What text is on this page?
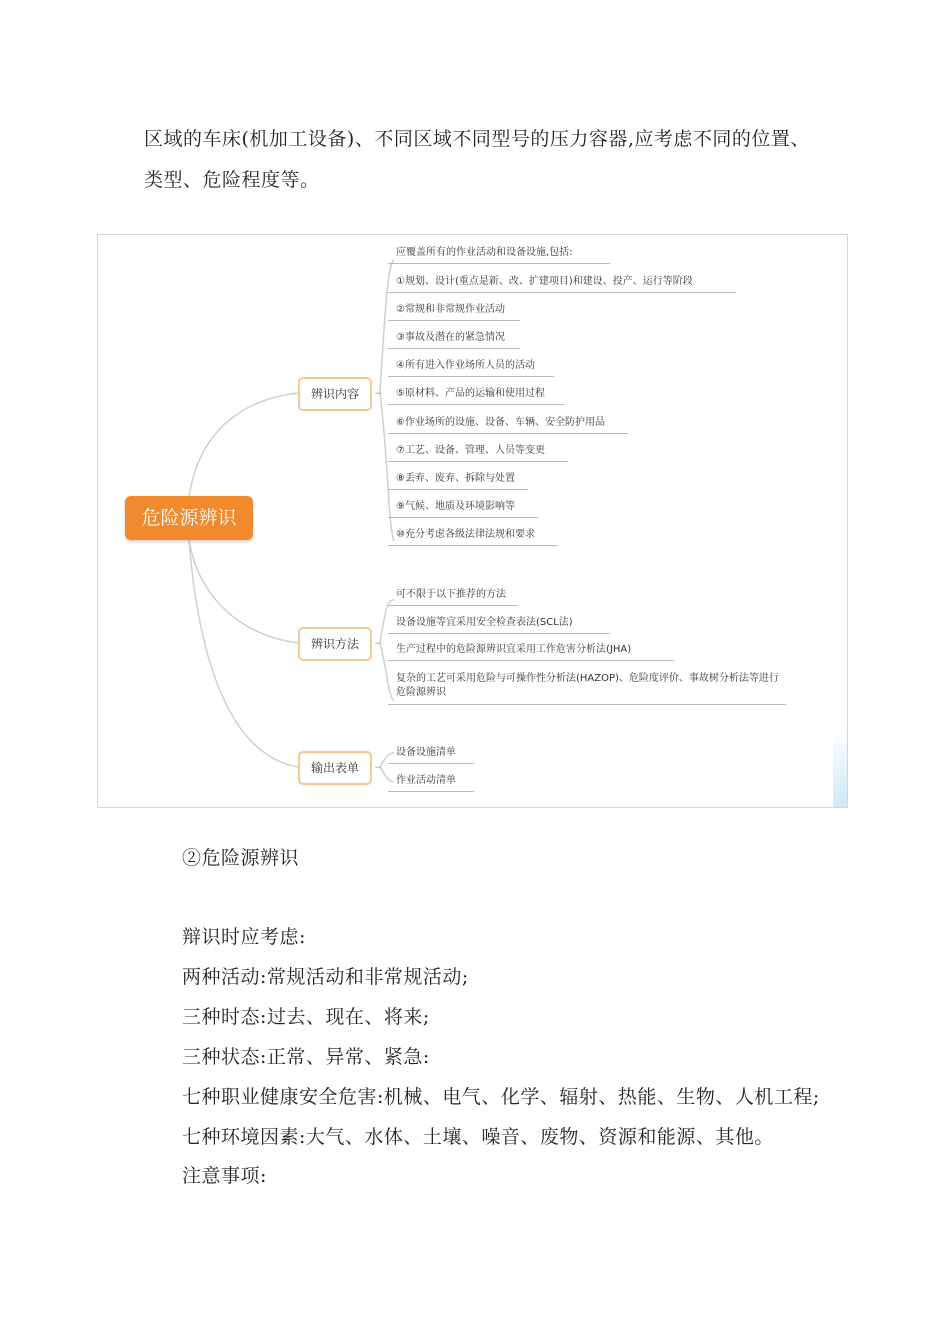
区域的车床(机加工设备)、不同区域不同型号的压力容器,应考虑不同的位置、
类型、危险程度等。
危险源辨识
辨识内容	−
辨识方法	−
输出表单	−
应覆盖所有的作业活动和设备设施,包括:
①规划、设计(重点是新、改、扩建项目)和建设、投产、运行等阶段
②常规和非常规作业活动
③事故及潜在的紧急情况
④所有进入作业场所人员的活动
⑤原材料、产品的运输和使用过程
⑥作业场所的设施、设备、车辆、安全防护用品
⑦工艺、设备、管理、人员等变更
⑧丢弃、废弃、拆除与处置
⑨气候、地质及环境影响等
⑩充分考虑各级法律法规和要求
可不限于以下推荐的方法
设备设施等宜采用安全检查表法(SCL法)
生产过程中的危险源辨识宜采用工作危害分析法(JHA)
复杂的工艺可采用危险与可操作性分析法(HAZOP)、危险度评价、事故树分析法等进行危险源辨识
设备设施清单
作业活动清单
②危险源辨识
辩识时应考虑:
两种活动:常规活动和非常规活动;
三种时态:过去、现在、将来;
三种状态:正常、异常、紧急:
七种职业健康安全危害:机械、电气、化学、辐射、热能、生物、人机工程;
七种环境因素:大气、水体、土壤、噪音、废物、资源和能源、其他。
注意事项:
